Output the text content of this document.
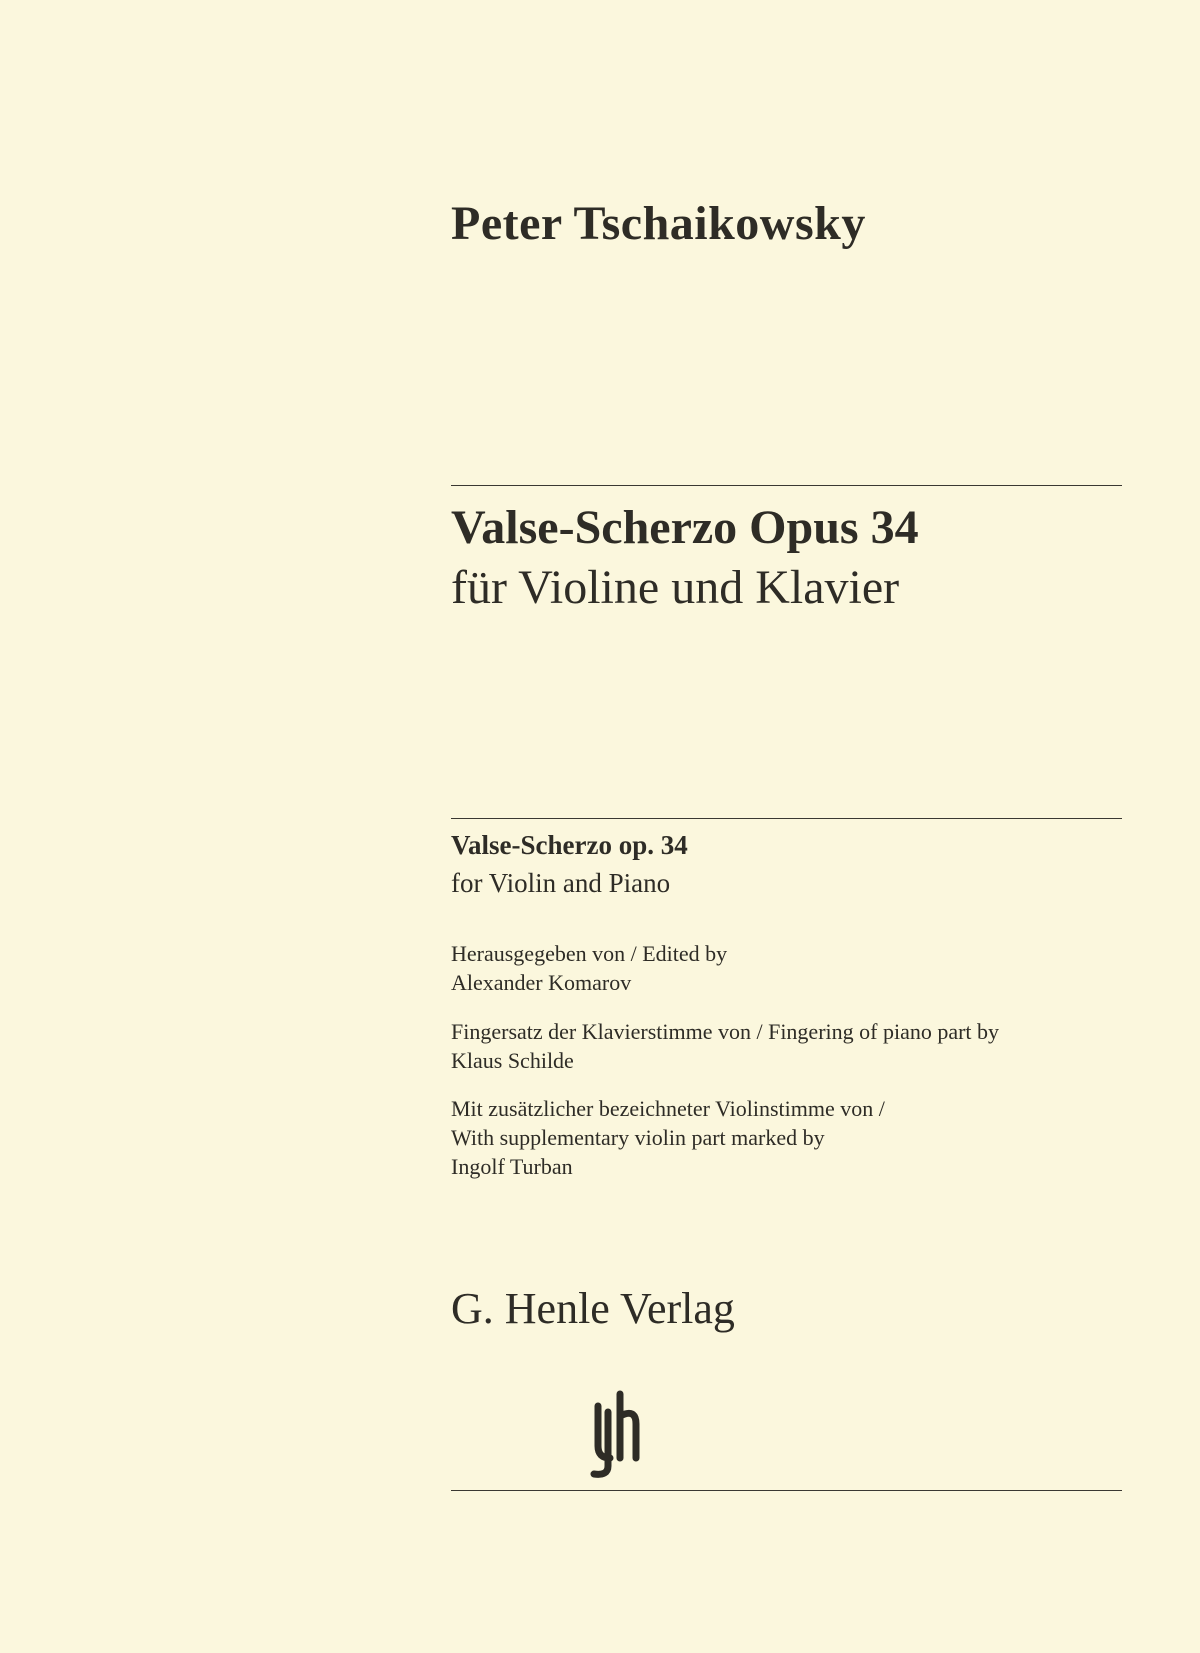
Peter Tschaikowsky
Valse-Scherzo Opus 34
für Violine und Klavier
Valse-Scherzo op. 34
for Violin and Piano
Herausgegeben von / Edited by
Alexander Komarov
Fingersatz der Klavierstimme von / Fingering of piano part by
Klaus Schilde
Mit zusätzlicher bezeichneter Violinstimme von /
With supplementary violin part marked by
Ingolf Turban
G. Henle Verlag
